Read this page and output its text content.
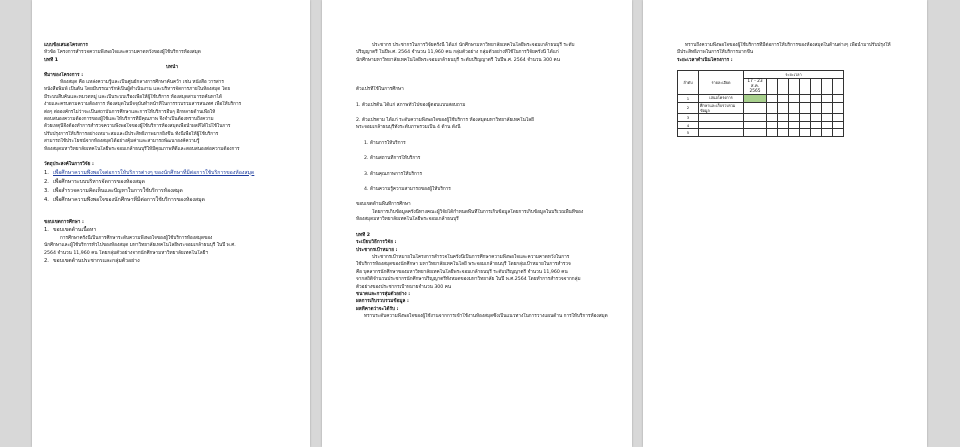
แบบข้อเสนอโครงการ
หัวข้อ โครงการสำรวจความพึงพอใจและความคาดหวังของผู้ใช้บริการห้องสมุด
บทที่ 1
บทนำ
ที่มาของโครงการ :
ห้องสมุด คือ แหล่งความรู้และเป็นศูนย์กลางการศึกษาค้นคว้า เช่น หนังสือ วารสาร
หนังสือพิมพ์ เป็นต้น โดยมีบรรณารักษ์เป็นผู้ดำเนินงาน และบริหารจัดการภายในห้องสมุด โดย
มีระบบสืบค้นและหมวดหมู่ และเป็นระบบเรื่องเพื่อให้ผู้ใช้บริการ ห้องสมุดสามารถค้นหาได้
ง่ายและครบตามความต้องการ ห้องสมุดในปัจจุบันทำหน้าที่ในการรวบรวมสารสนเทศ เพื่อให้บริการ
ต่อๆ ต่อองค์กรไม่ว่าจะเป็นสถาบันการศึกษาและการให้บริการอื่นๆ อีกหลายด้านเพื่อให้
ตอบสนองความต้องการของผู้ใช้และให้บริการที่มีคุณภาพ จึงจำเป็นต้องทราบถึงความ
ด้วยเหตุนี้จึงต้องทำการสำรวจความพึงพอใจของผู้ใช้บริการห้องสมุดเพื่อนำผลที่ได้ไปใช้ในการ
ปรับปรุงการให้บริการอย่างเหมาะสมและมีประสิทธิภาพมากยิ่งขึ้น ทั้งนี้เพื่อให้ผู้ใช้บริการ
สามารถใช้ประโยชน์จากห้องสมุดได้อย่างคุ้มค่าและสามารถพัฒนาองค์ความรู้
ห้องสมุดมหาวิทยาลัยเทคโนโลยีพระจอมเกล้าธนบุรีให้มีคุณภาพที่ดีและตอบสนองต่อความต้องการ
วัตถุประสงค์ในการวิจัย :
1. เพื่อศึกษาความพึงพอใจต่อการให้บริการต่างๆ ของนักศึกษาที่มีต่อการใช้บริการของห้องสมุด
2. เพื่อศึกษาระบบบริหารจัดการของห้องสมุด
3. เพื่อสำรวจความคิดเห็นและปัญหาในการใช้บริการห้องสมุด
4. เพื่อศึกษาความพึงพอใจของนักศึกษาที่มีต่อการใช้บริการของห้องสมุด
ขอบเขตการศึกษา :
1. ขอบเขตด้านเนื้อหา
การศึกษาครั้งนี้เป็นการศึกษาระดับความพึงพอใจของผู้ใช้บริการห้องสมุดของ
นักศึกษาและผู้ใช้บริการทั่วไปของห้องสมุด มหาวิทยาลัยเทคโนโลยีพระจอมเกล้าธนบุรี ในปี พ.ศ.
2564 จำนวน 11,960 คน โดยกลุ่มตัวอย่างจากนักศึกษามหาวิทยาลัยเทคโนโลยีฯ
2. ขอบเขตด้านประชากรและกลุ่มตัวอย่าง
ประชากร ประชากรในการวิจัยครั้งนี้ ได้แก่ นักศึกษามหาวิทยาลัยเทคโนโลยีพระจอมเกล้าธนบุรี ระดับ
ปริญญาตรี ในปีพ.ศ. 2564 จำนวน 11,960 คน กลุ่มตัวอย่าง กลุ่มตัวอย่างที่ใช้ในการวิจัยครั้งนี้ ได้แก่
นักศึกษามหาวิทยาลัยเทคโนโลยีพระจอมเกล้าธนบุรี ระดับปริญญาตรี ในปีพ.ศ. 2564 จำนวน 300 คน
ตัวแปรที่ใช้ในการศึกษา
1. ตัวแปรต้น ได้แก่ สภาพทั่วไปของผู้ตอบแบบสอบถาม
2. ตัวแปรตาม ได้แก่ ระดับความพึงพอใจของผู้ใช้บริการ ห้องสมุดมหาวิทยาลัยเทคโนโลยี
พระจอมเกล้าธนบุรีทั้งระดับภาพรวมเป็น 4 ด้าน ดังนี้
1. ด้านการให้บริการ
2. ด้านสถานที่การให้บริการ
3. ด้านคุณภาพการให้บริการ
4. ด้านความรู้ความสามารถของผู้ให้บริการ
ขอบเขตด้านพื้นที่การศึกษา
โดยการเก็บข้อมูลครั้งนี้ทางคณะผู้วิจัยได้กำหนดพื้นที่ในการเก็บข้อมูลโดยการเก็บข้อมูลในบริเวณพื้นที่ของ
ห้องสมุดมหาวิทยาลัยเทคโนโลยีพระจอมเกล้าธนบุรี
บทที่ 2
ระเบียบวิธีการวิจัย :
ประชากรเป้าหมาย :
ประชากรเป้าหมายในโครงการสำรวจในครั้งนี้เป็นการศึกษาความพึงพอใจและความคาดหวังในการ
ใช้บริการห้องสมุดของนักศึกษา มหาวิทยาลัยเทคโนโลยี พระจอมเกล้าธนบุรี โดยกลุ่มเป้าหมายในการสำรวจ
คือ บุคลากรนักศึกษาของมหาวิทยาลัยเทคโนโลยีพระจอมเกล้าธนบุรี ระดับปริญญาตรี จำนวน 11,960 คน
จากสถิติจำนวนประชากรนักศึกษาปริญญาตรีทั้งหมดของมหาวิทยาลัย ในปี พ.ศ.2564 โดยทำการสำรวจจากกลุ่ม
ตัวอย่างของประชากรเป้าหมายจำนวน 300 คน
ขนาดและการสุ่มตัวอย่าง :
ผลการเก็บรวบรวมข้อมูล :
ผลที่คาดว่าจะได้รับ :
ทราบระดับความพึงพอใจของผู้ใช้งานจากการเข้าใช้งานห้องสมุดซึ่งเป็นแนวทางในการวางแผนด้าน การให้บริการห้องสมุด
ทราบถึงความพึงพอใจของผู้ใช้บริการที่มีต่อการให้บริการของห้องสมุดในด้านต่างๆ เพื่อนำมาปรับปรุงให้
มีประสิทธิภาพในการให้บริการมากขึ้น
ระยะเวลาดำเนินโครงการ :
ลำดับ	รายละเอียด	ระยะเวลา							
		17 - 23 ส.ค. 2565							
1	เสนอโครงการ								
2	ศึกษาและเก็บรวบรวมข้อมูล								
3									
4									
5									
